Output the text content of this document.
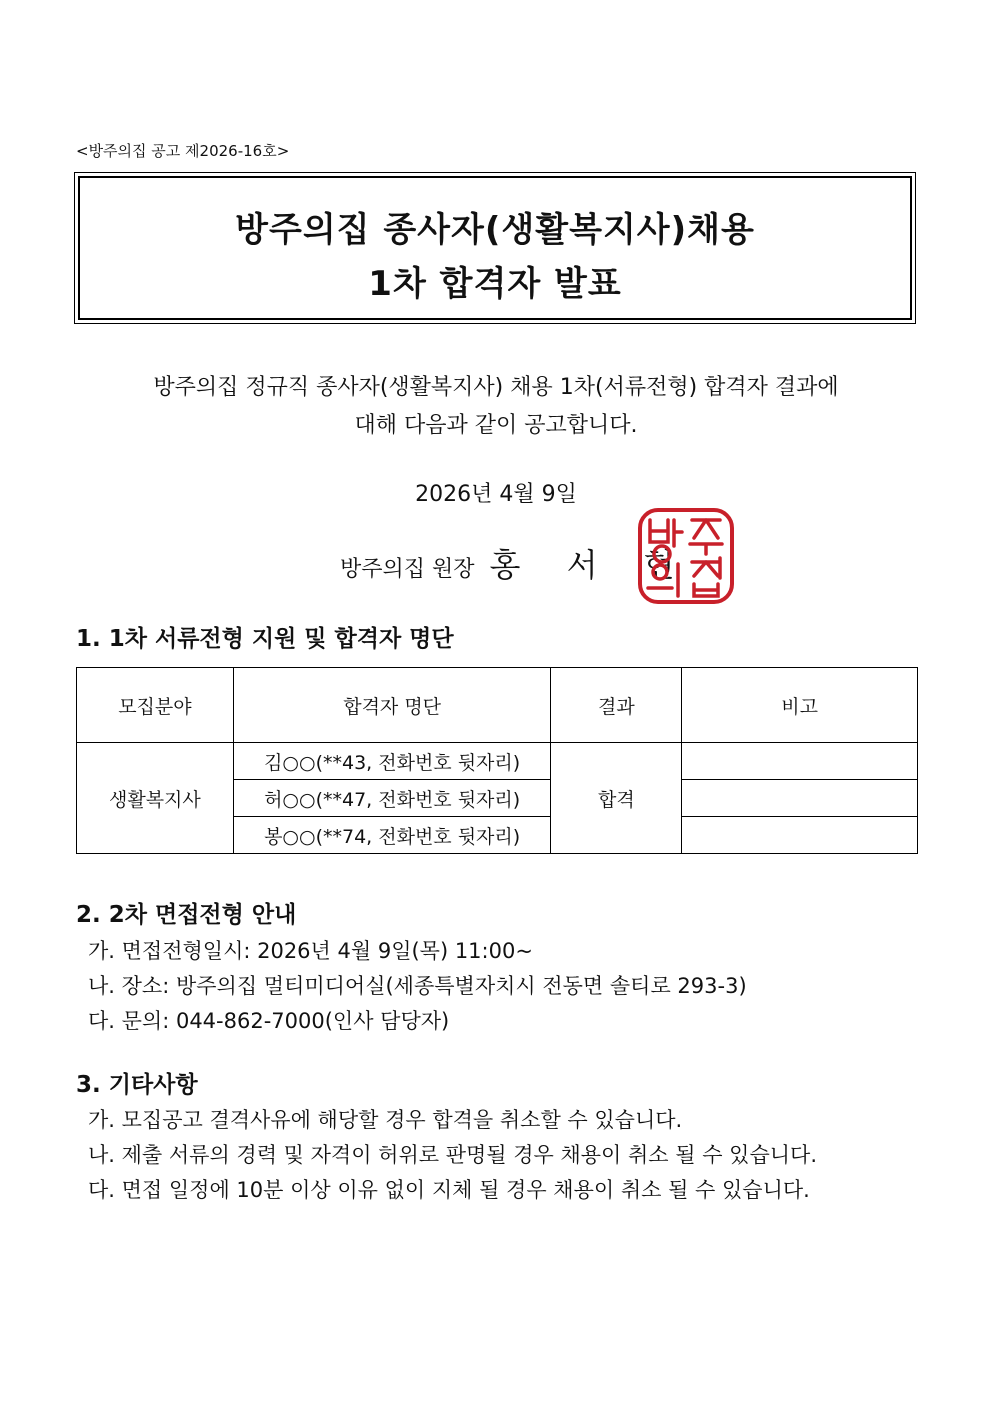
<방주의집 공고 제2026-16호>
방주의집 종사자(생활복지사)채용
1차 합격자 발표
방주의집 정규직 종사자(생활복지사) 채용 1차(서류전형) 합격자 결과에
대해 다음과 같이 공고합니다.
2026년 4월 9일
방주의집 원장 홍 서 현
1. 1차 서류전형 지원 및 합격자 명단
모집분야	합격자 명단	결과	비고
생활복지사	김○○(**43, 전화번호 뒷자리)	합격	
	허○○(**47, 전화번호 뒷자리)		
	봉○○(**74, 전화번호 뒷자리)		
2. 2차 면접전형 안내
가. 면접전형일시: 2026년 4월 9일(목) 11:00~
나. 장소: 방주의집 멀티미디어실(세종특별자치시 전동면 솔티로 293-3)
다. 문의: 044-862-7000(인사 담당자)
3. 기타사항
가. 모집공고 결격사유에 해당할 경우 합격을 취소할 수 있습니다.
나. 제출 서류의 경력 및 자격이 허위로 판명될 경우 채용이 취소 될 수 있습니다.
다. 면접 일정에 10분 이상 이유 없이 지체 될 경우 채용이 취소 될 수 있습니다.
